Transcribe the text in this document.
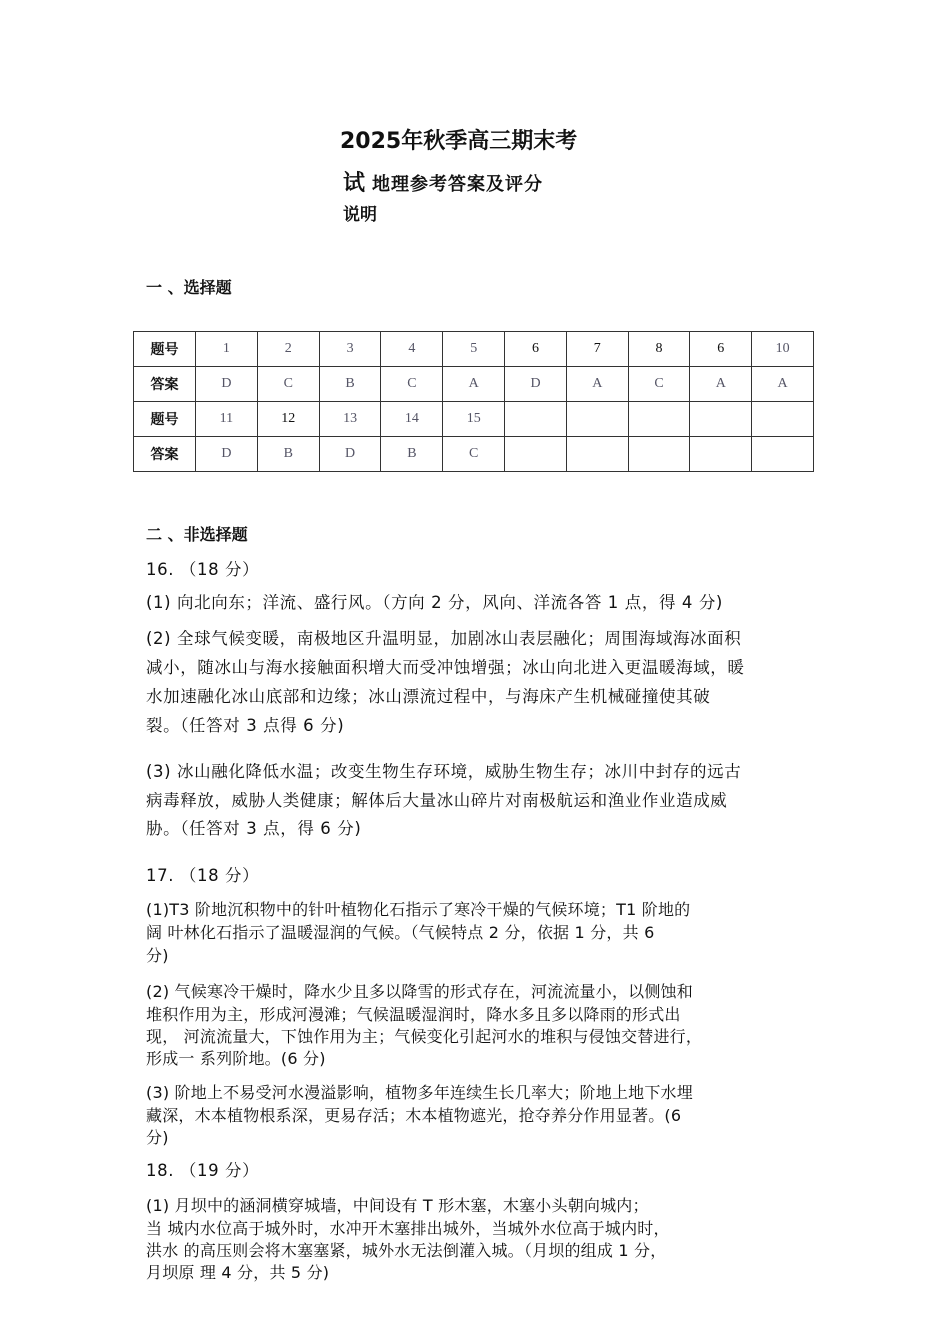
2025年秋季高三期末考
试 地理参考答案及评分
说明
一 、选择题
题号	1	2	3	4	5	6	7	8	6	10
答案	D	C	B	C	A	D	A	C	A	A
题号	11	12	13	14	15					
答案	D	B	D	B	C					
二 、非选择题
16. （18 分）
(1) 向北向东；洋流、盛行风。（方向 2 分，风向、洋流各答 1 点，得 4 分)
(2) 全球气候变暖，南极地区升温明显，加剧冰山表层融化；周围海域海冰面积
减小，随冰山与海水接触面积增大而受冲蚀增强；冰山向北进入更温暖海域，暖
水加速融化冰山底部和边缘；冰山漂流过程中，与海床产生机械碰撞使其破
裂。（任答对 3 点得 6 分)
(3) 冰山融化降低水温；改变生物生存环境，威胁生物生存；冰川中封存的远古
病毒释放，威胁人类健康；解体后大量冰山碎片对南极航运和渔业作业造成威
胁。（任答对 3 点，得 6 分)
17. （18 分）
(1)T3 阶地沉积物中的针叶植物化石指示了寒冷干燥的气候环境；T1 阶地的
阔 叶林化石指示了温暖湿润的气候。（气候特点 2 分，依据 1 分，共 6
分)
(2) 气候寒冷干燥时，降水少且多以降雪的形式存在，河流流量小，以侧蚀和
堆积作用为主，形成河漫滩；气候温暖湿润时，降水多且多以降雨的形式出
现， 河流流量大，下蚀作用为主；气候变化引起河水的堆积与侵蚀交替进行，
形成一 系列阶地。(6 分)
(3) 阶地上不易受河水漫溢影响，植物多年连续生长几率大；阶地上地下水埋
藏深，木本植物根系深，更易存活；木本植物遮光，抢夺养分作用显著。(6
分)
18. （19 分）
(1) 月坝中的涵洞横穿城墙，中间设有 T 形木塞，木塞小头朝向城内；
当 城内水位高于城外时，水冲开木塞排出城外，当城外水位高于城内时，
洪水 的高压则会将木塞塞紧，城外水无法倒灌入城。（月坝的组成 1 分，
月坝原 理 4 分，共 5 分)
